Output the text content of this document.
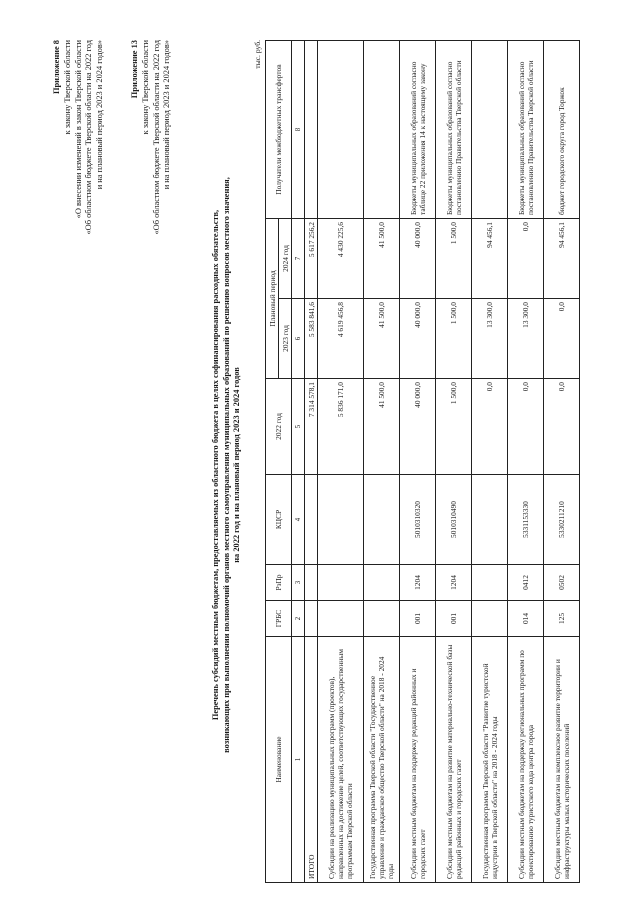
Приложение 8 к закону Тверской области «О внесении изменений в закон Тверской области «Об областном бюджете Тверской области на 2022 год и на плановый период 2023 и 2024 годов»	Приложение 13 к закону Тверской области «Об областном бюджете Тверской области на 2022 год и на плановый период 2023 и 2024 годов»
Перечень субсидий местным бюджетам, предоставляемых из областного бюджета в целях софинансирования расходных обязательств, возникающих при выполнении полномочий органов местного самоуправления муниципальных образований по решению вопросов местного значения, на 2022 год и на плановый период 2023 и 2024 годов
тыс. руб.
Наименование	ГРБС	РзПр	КЦСР	2022 год	Плановый период		Получатели межбюджетных трансфертов
					2023 год	2024 год	
1	2	3	4	5	6	7	8
ИТОГО				7 314 578,1	5 583 841,6	5 617 256,2	
Субсидии на реализацию муниципальных программ (проектов), направленных на достижение целей, соответствующих государственным программам Тверской области				5 836 171,0	4 619 456,8	4 430 225,6	
Государственная программа Тверской области "Государственное управление и гражданское общество Тверской области" на 2018 - 2024 годы				41 500,0	41 500,0	41 500,0	
Субсидии местным бюджетам на поддержку редакций районных и городских газет	001	1204	5010310320	40 000,0	40 000,0	40 000,0	Бюджеты муниципальных образований согласно таблице 22 приложения 14 к настоящему закону
Субсидии местным бюджетам на развитие материально-технической базы редакций районных и городских газет	001	1204	5010310490	1 500,0	1 500,0	1 500,0	Бюджеты муниципальных образований согласно постановлению Правительства Тверской области
Государственная программа Тверской области "Развитие туристской индустрии в Тверской области" на 2018 - 2024 годы				0,0	13 300,0	94 456,1	
Субсидии местным бюджетам на поддержку региональных программ по проектированию туристского кода центра города	014	0412	5331153330	0,0	13 300,0	0,0	Бюджеты муниципальных образований согласно постановлению Правительства Тверской области
Субсидии местным бюджетам на комплексное развитие территории и инфраструктуры малых исторических поселений	125	0502	5330211210	0,0	0,0	94 456,1	бюджет городского округа город Торжок
